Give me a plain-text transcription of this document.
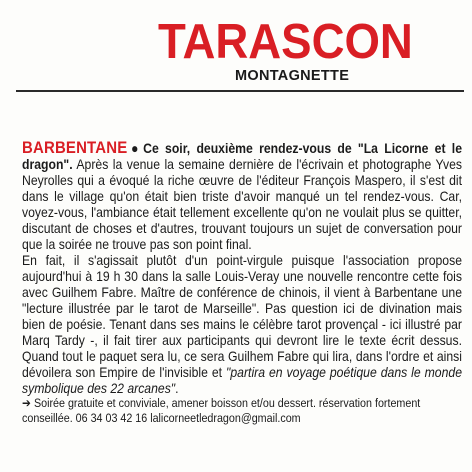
TARASCON
MONTAGNETTE

BARBENTANE● Ce soir, deuxième rendez-vous de "La Licorne et le dragon". Après la venue la semaine dernière de l'écrivain et photographe Yves Neyrolles qui a évoqué la riche œuvre de l'éditeur François Maspero, il s'est dit dans le village qu'on était bien triste d'avoir manqué un tel rendez-vous. Car, voyez-vous, l'ambiance était tellement excellente qu'on ne voulait plus se quitter, discutant de choses et d'autres, trouvant toujours un sujet de conversation pour que la soirée ne trouve pas son point final.

En fait, il s'agissait plutôt d'un point-virgule puisque l'association propose aujourd'hui à 19 h 30 dans la salle Louis-Veray une nouvelle rencontre cette fois avec Guilhem Fabre. Maître de conférence de chinois, il vient à Barbentane une "lecture illustrée par le tarot de Marseille". Pas question ici de divination mais bien de poésie. Tenant dans ses mains le célèbre tarot provençal - ici illustré par Marq Tardy -, il fait tirer aux participants qui devront lire le texte écrit dessus. Quand tout le paquet sera lu, ce sera Guilhem Fabre qui lira, dans l'ordre et ainsi dévoilera son Empire de l'invisible et "partira en voyage poétique dans le monde symbolique des 22 arcanes".

➔ Soirée gratuite et conviviale, amener boisson et/ou dessert. réservation fortement conseillée. 06 34 03 42 16 lalicorneetledragon@gmail.com
